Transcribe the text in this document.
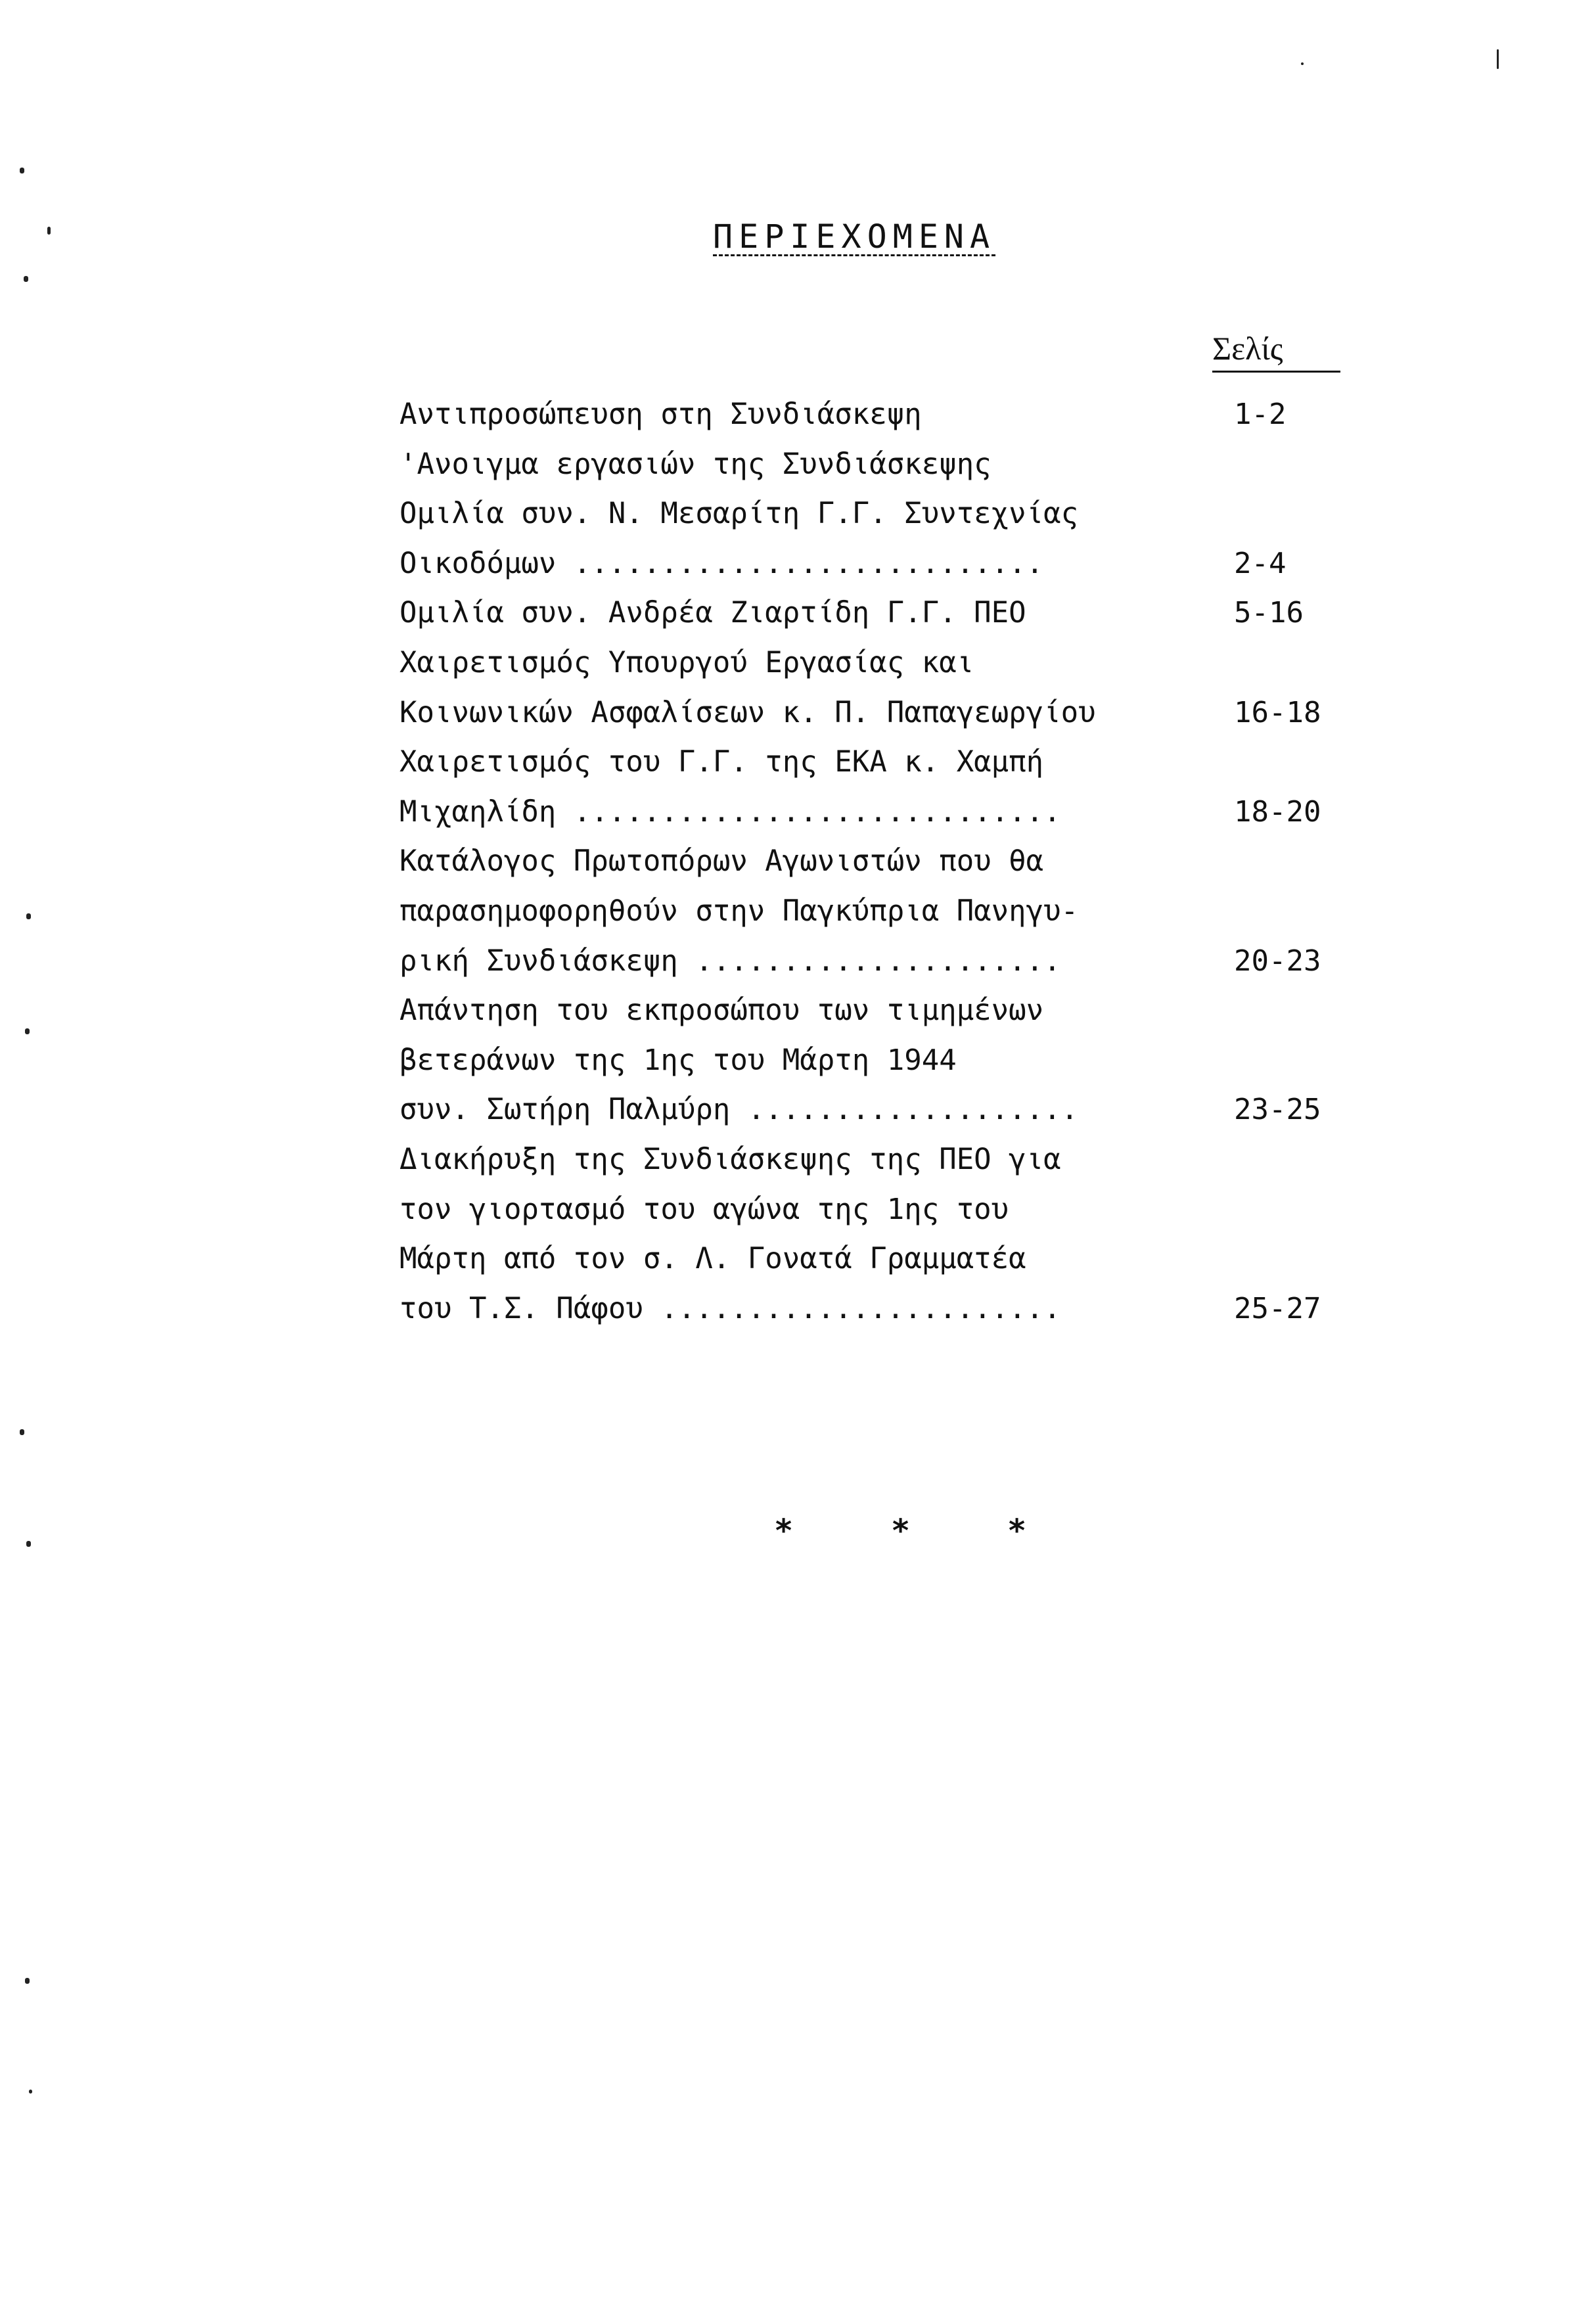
ΠΕΡΙΕΧΟΜΕΝΑ
Σελίς
Αντιπροσώπευση στη Συνδιάσκεψη	1-2
'Ανοιγμα εργασιών της Συνδιάσκεψης
Ομιλία συν. Ν. Μεσαρίτη Γ.Γ. Συντεχνίας
Οικοδόμων ...........................	2-4
Ομιλία συν. Ανδρέα Ζιαρτίδη Γ.Γ. ΠΕΟ	5-16
Χαιρετισμός Υπουργού Εργασίας και
Κοινωνικών Ασφαλίσεων κ. Π. Παπαγεωργίου	16-18
Χαιρετισμός του Γ.Γ. της ΕΚΑ κ. Χαμπή
Μιχαηλίδη ............................	18-20
Κατάλογος Πρωτοπόρων Αγωνιστών που θα
παρασημοφορηθούν στην Παγκύπρια Πανηγυ-
ρική Συνδιάσκεψη .....................	20-23
Απάντηση του εκπροσώπου των τιμημένων
βετεράνων της 1ης του Μάρτη 1944
συν. Σωτήρη Παλμύρη ...................	23-25
Διακήρυξη της Συνδιάσκεψης της ΠΕΟ για
τον γιορτασμό του αγώνα της 1ης του
Μάρτη από τον σ. Λ. Γονατά Γραμματέα
του Τ.Σ. Πάφου .......................	25-27
*	*	*
